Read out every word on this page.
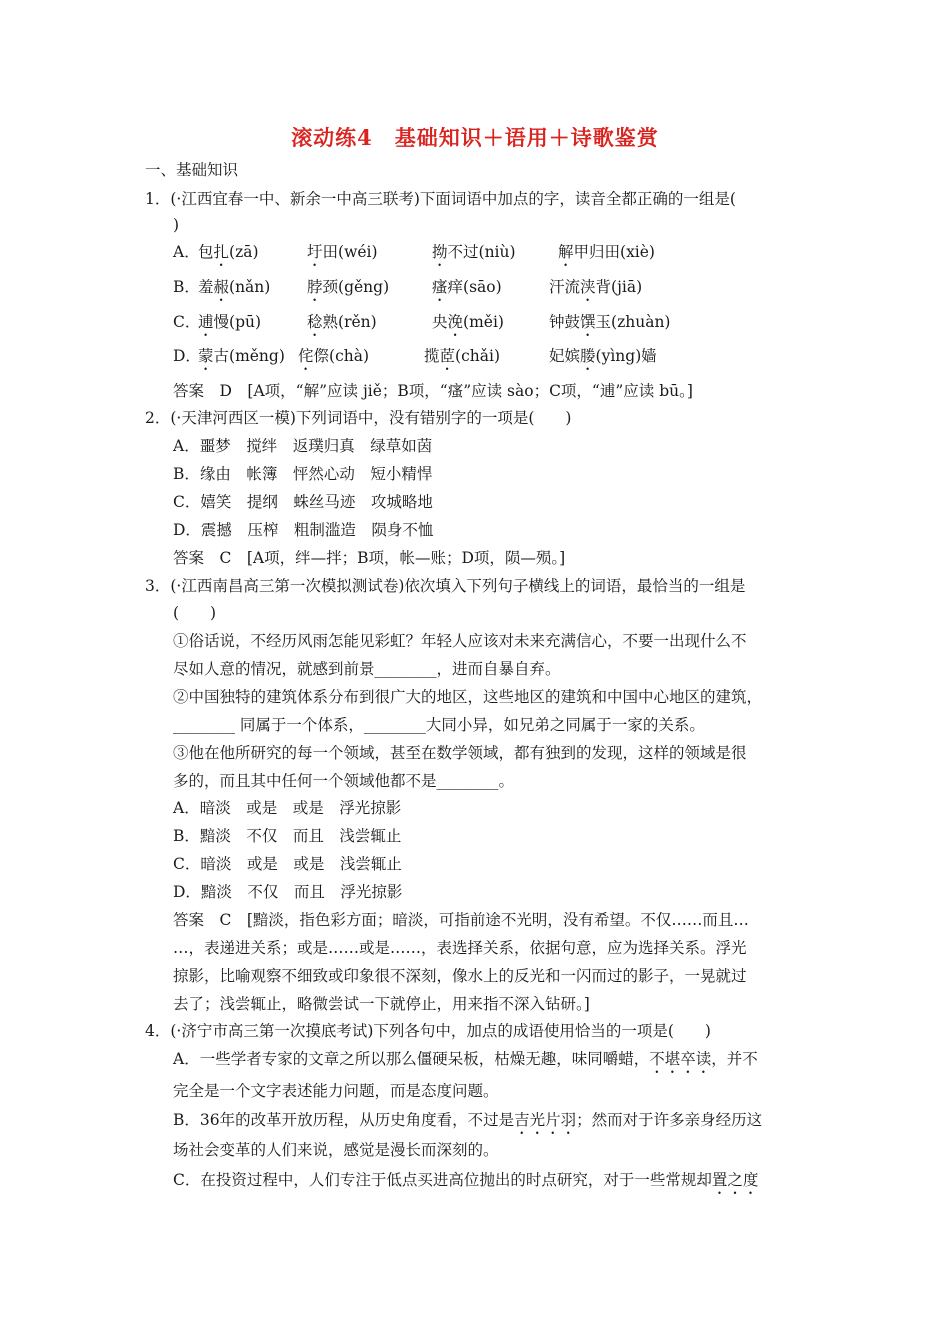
滚动练4　基础知识＋语用＋诗歌鉴赏
一、基础知识
1．(·江西宜春一中、新余一中高三联考)下面词语中加点的字，读音全都正确的一组是(
)
A．
包扎(zā)	圩田(wéi)	拗不过(niù)	解甲归田(xiè)
B．
羞赧(nǎn) 脖颈(gěng)	瘙痒(sāo)	汗流浃背(jiā)
C．
逋慢(pū)	稔熟(rěn)	央浼(měi)	钟鼓馔玉(zhuàn)
D．
蒙古(měng) 侘傺(chà)	揽茝(chǎi)	妃嫔媵(yìng)嫱
答案　D　[A项，“解”应读 jiě；B项，“瘙”应读 sào；C项，“逋”应读 bū。]
2．(·天津河西区一模)下列词语中，没有错别字的一项是(　　)
A．噩梦　搅绊　返璞归真　绿草如茵
B．缘由　帐簿　怦然心动　短小精悍
C．嬉笑　提纲　蛛丝马迹　攻城略地
D．震撼　压榨　粗制滥造　陨身不恤
答案　C　[A项，绊—拌；B项，帐—账；D项，陨—殒。]
3．(·江西南昌高三第一次模拟测试卷)依次填入下列句子横线上的词语，最恰当的一组是
(　　)
①俗话说，不经历风雨怎能见彩虹？年轻人应该对未来充满信心，不要一出现什么不
尽如人意的情况，就感到前景________，进而自暴自弃。
②中国独特的建筑体系分布到很广大的地区，这些地区的建筑和中国中心地区的建筑，
________ 同属于一个体系，________大同小异，如兄弟之同属于一家的关系。
③他在他所研究的每一个领域，甚至在数学领域，都有独到的发现，这样的领域是很
多的，而且其中任何一个领域他都不是________。
A．暗淡　或是　或是　浮光掠影
B．黯淡　不仅　而且　浅尝辄止
C．暗淡　或是　或是　浅尝辄止
D．黯淡　不仅　而且　浮光掠影
答案　C　[黯淡，指色彩方面；暗淡，可指前途不光明，没有希望。不仅……而且…
…，表递进关系；或是……或是……，表选择关系，依据句意，应为选择关系。浮光
掠影，比喻观察不细致或印象很不深刻，像水上的反光和一闪而过的影子，一晃就过
去了；浅尝辄止，略微尝试一下就停止，用来指不深入钻研。]
4．(·济宁市高三第一次摸底考试)下列各句中，加点的成语使用恰当的一项是(　　)
A．一些学者专家的文章之所以那么僵硬呆板，枯燥无趣，味同嚼蜡，不堪卒读，并不
完全是一个文字表述能力问题，而是态度问题。
B．36年的改革开放历程，从历史角度看，不过是吉光片羽；然而对于许多亲身经历这
场社会变革的人们来说，感觉是漫长而深刻的。
C．在投资过程中，人们专注于低点买进高位抛出的时点研究，对于一些常规却置之度
